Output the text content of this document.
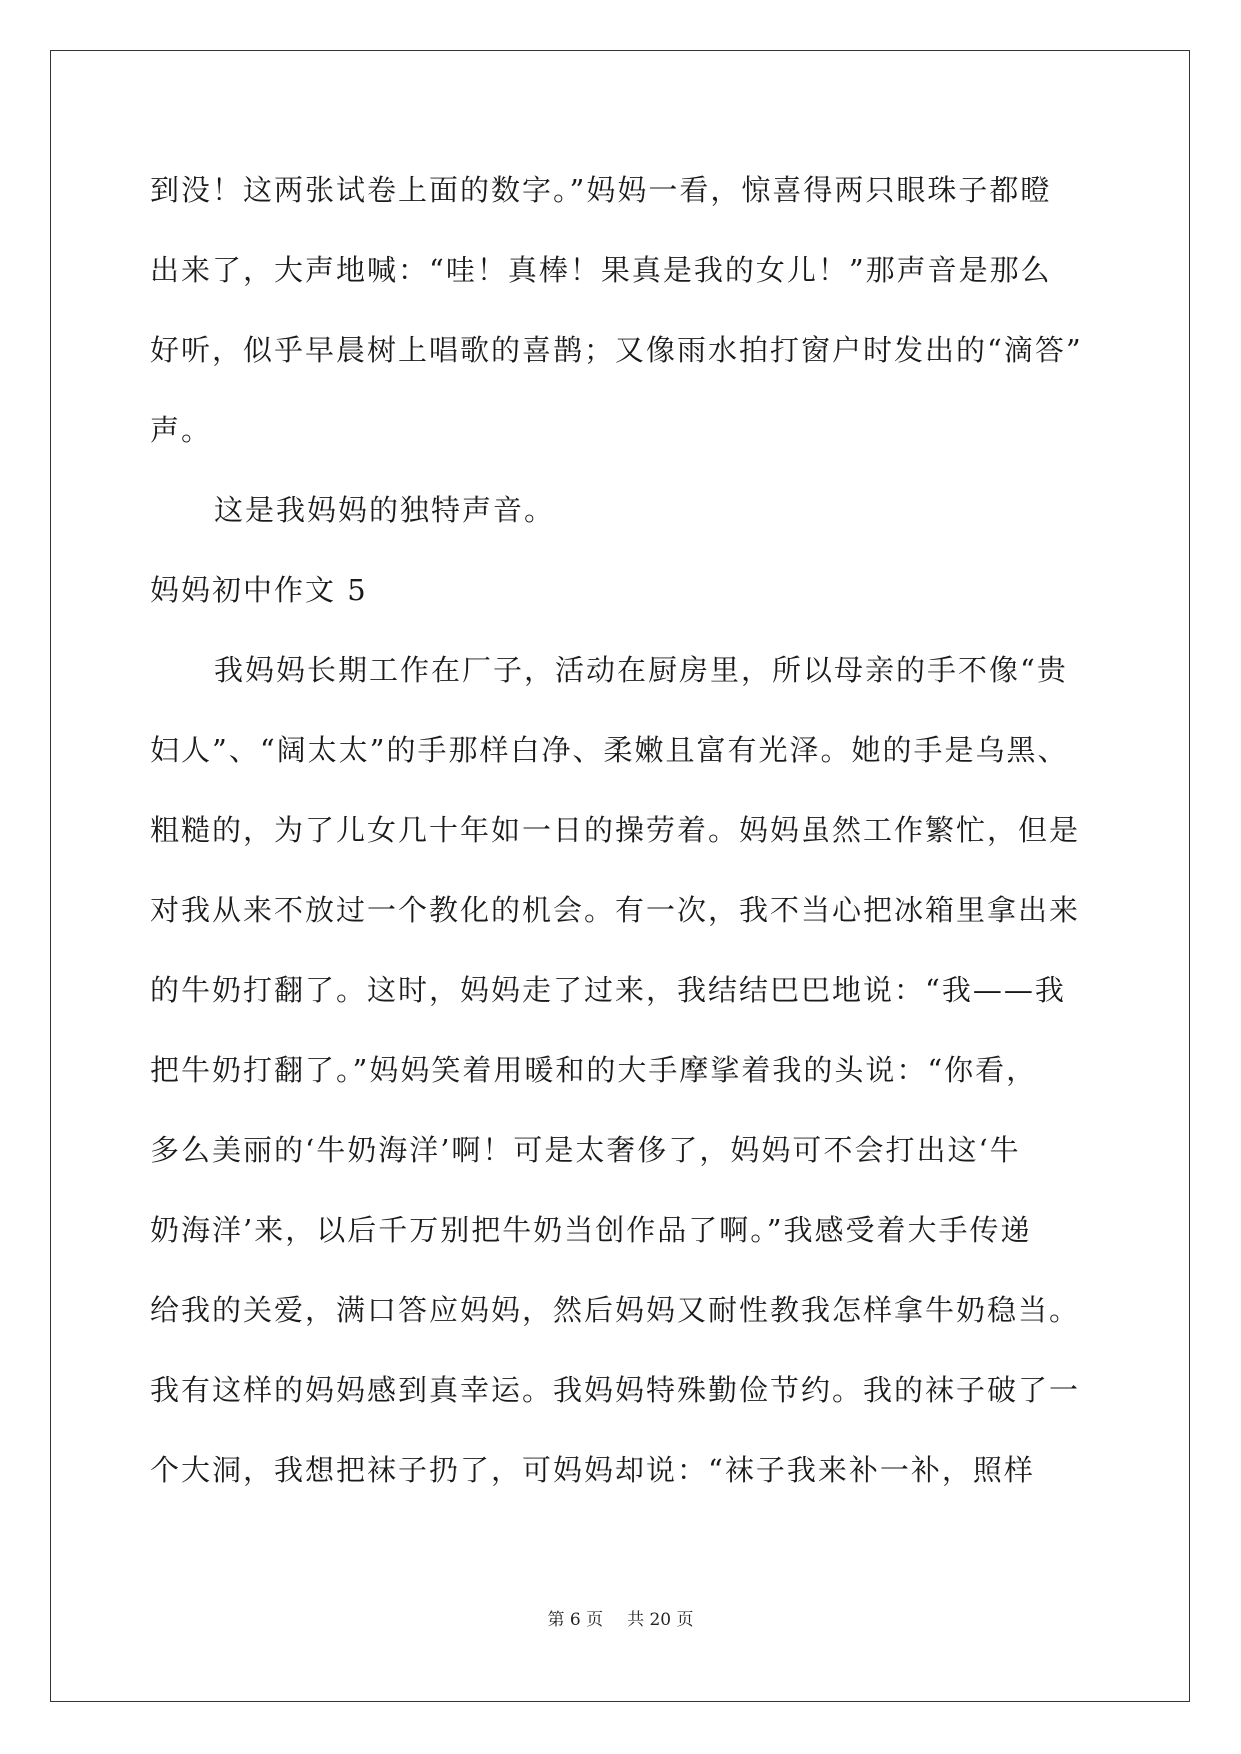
到没！这两张试卷上面的数字。”妈妈一看，惊喜得两只眼珠子都瞪
出来了，大声地喊：“哇！真棒！果真是我的女儿！”那声音是那么
好听，似乎早晨树上唱歌的喜鹊；又像雨水拍打窗户时发出的“滴答”
声。
这是我妈妈的独特声音。
妈妈初中作文 5
我妈妈长期工作在厂子，活动在厨房里，所以母亲的手不像“贵
妇人”、“阔太太”的手那样白净、柔嫩且富有光泽。她的手是乌黑、
粗糙的，为了儿女几十年如一日的操劳着。妈妈虽然工作繁忙，但是
对我从来不放过一个教化的机会。有一次，我不当心把冰箱里拿出来
的牛奶打翻了。这时，妈妈走了过来，我结结巴巴地说：“我——我
把牛奶打翻了。”妈妈笑着用暖和的大手摩挲着我的头说：“你看，
多么美丽的‘牛奶海洋’啊！可是太奢侈了，妈妈可不会打出这‘牛
奶海洋’来，以后千万别把牛奶当创作品了啊。”我感受着大手传递
给我的关爱，满口答应妈妈，然后妈妈又耐性教我怎样拿牛奶稳当。
我有这样的妈妈感到真幸运。我妈妈特殊勤俭节约。我的袜子破了一
个大洞，我想把袜子扔了，可妈妈却说：“袜子我来补一补，照样
第 6 页 共 20 页
